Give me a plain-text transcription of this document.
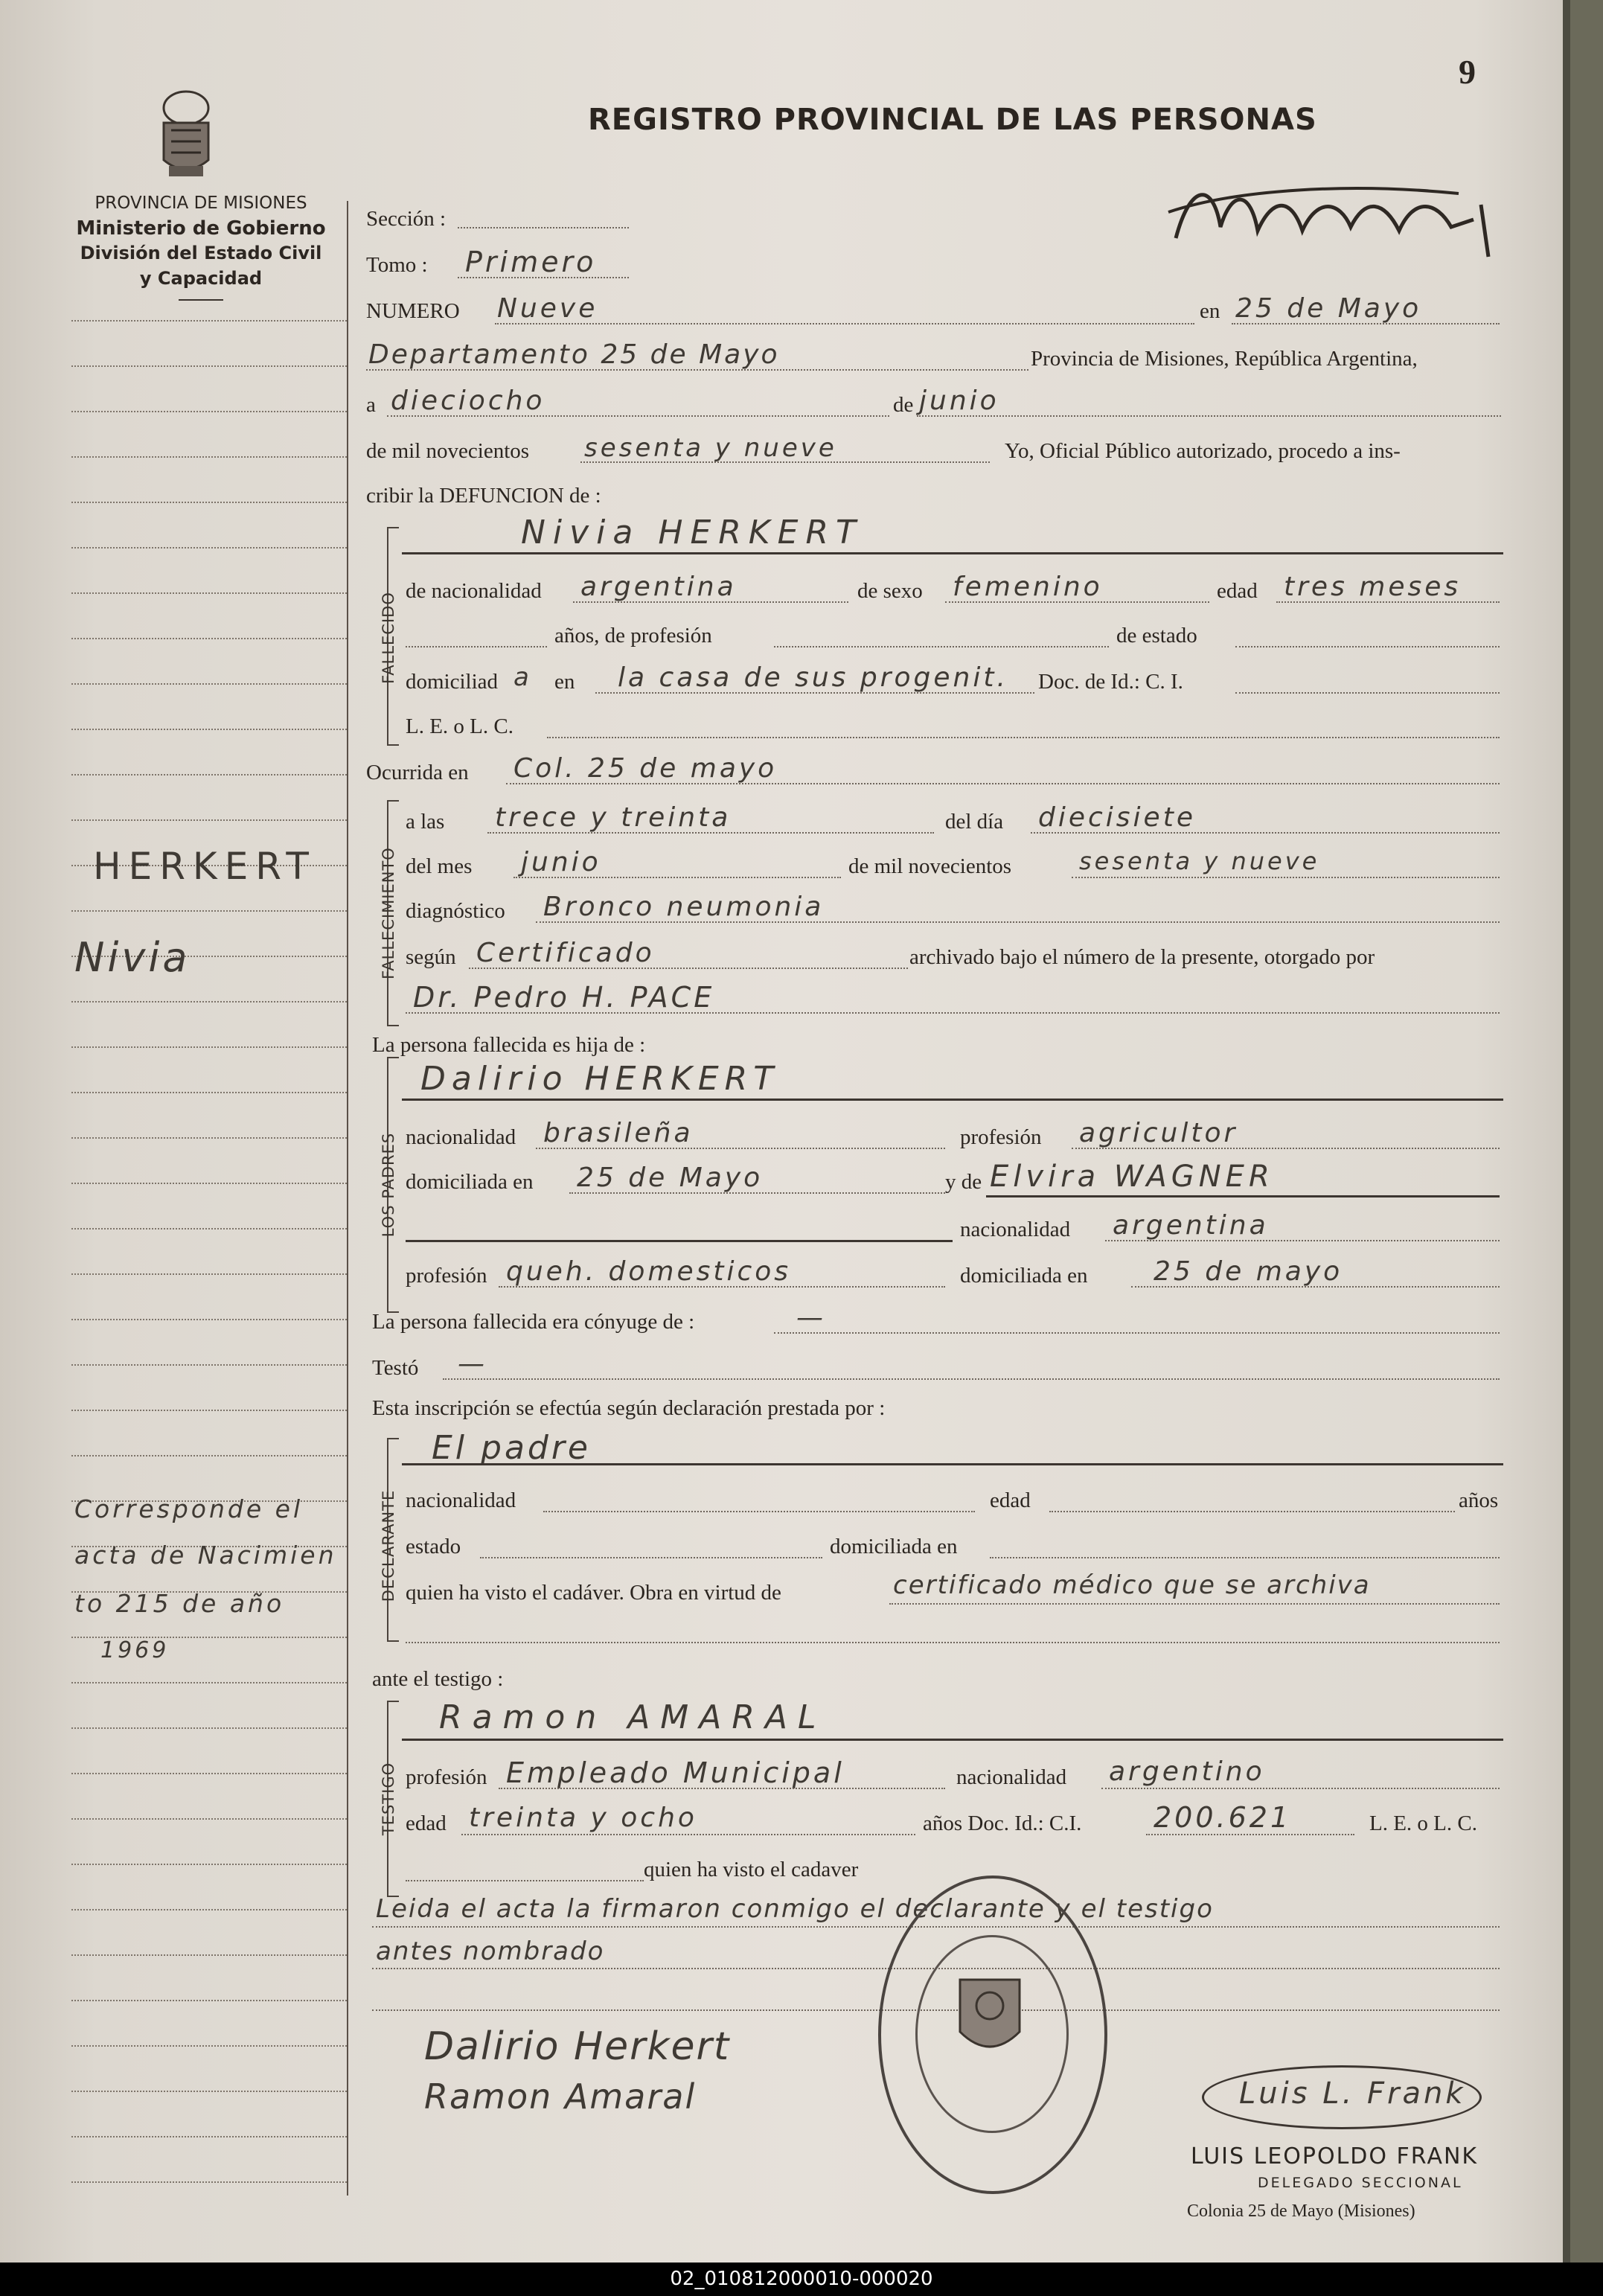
PROVINCIA DE MISIONES
Ministerio de Gobierno
División del Estado Civil
y Capacidad
REGISTRO PROVINCIAL DE LAS PERSONAS
9
HERKERT
Nivia
Corresponde el
acta de Nacimien
to 215 de año
1969
Sección :
Tomo : Primero
NUMERO Nueve	en 25 de Mayo
Departamento 25 de Mayo	Provincia de Misiones, República Argentina,
a dieciocho	de junio
de mil novecientos sesenta y nueve	Yo, Oficial Público autorizado, procedo a ins-
cribir la DEFUNCION de :
FALLECIDO
Nivia HERKERT
de nacionalidad argentina	de sexo femenino	edad tres meses
años, de profesión	de estado
domiciliad a en la casa de sus progenit. Doc. de Id.: C. I.
L. E. o L. C.
Ocurrida en Col. 25 de mayo
FALLECIMIENTO
a las trece y treinta	del día diecisiete
del mes junio	de mil novecientos	sesenta y nueve
diagnóstico Bronco neumonia
según Certificado	archivado bajo el número de la presente, otorgado por
Dr. Pedro H. PACE
La persona fallecida es hija de :
LOS PADRES
Dalirio HERKERT
nacionalidad brasileña	profesión agricultor
domiciliada en 25 de Mayo	y de Elvira WAGNER
nacionalidad argentina
profesión queh. domesticos	domiciliada en 25 de mayo
La persona fallecida era cónyuge de :	—
Testó —
Esta inscripción se efectúa según declaración prestada por :
DECLARANTE
El padre
nacionalidad	edad	años
estado	domiciliada en
quien ha visto el cadáver. Obra en virtud de	certificado médico que se archiva
ante el testigo :
TESTIGO
Ramon AMARAL
profesión Empleado Municipal	nacionalidad argentino
edad treinta y ocho	años Doc. Id.: C.I.	200.621	L. E. o L. C.
quien ha visto el cadaver
Leida el acta la firmaron conmigo el declarante y el testigo
antes nombrado
Dalirio Herkert
Ramon Amaral	Luis L. Frank
LUIS LEOPOLDO FRANK
DELEGADO SECCIONAL
Colonia 25 de Mayo (Misiones)
02_010812000010-000020
